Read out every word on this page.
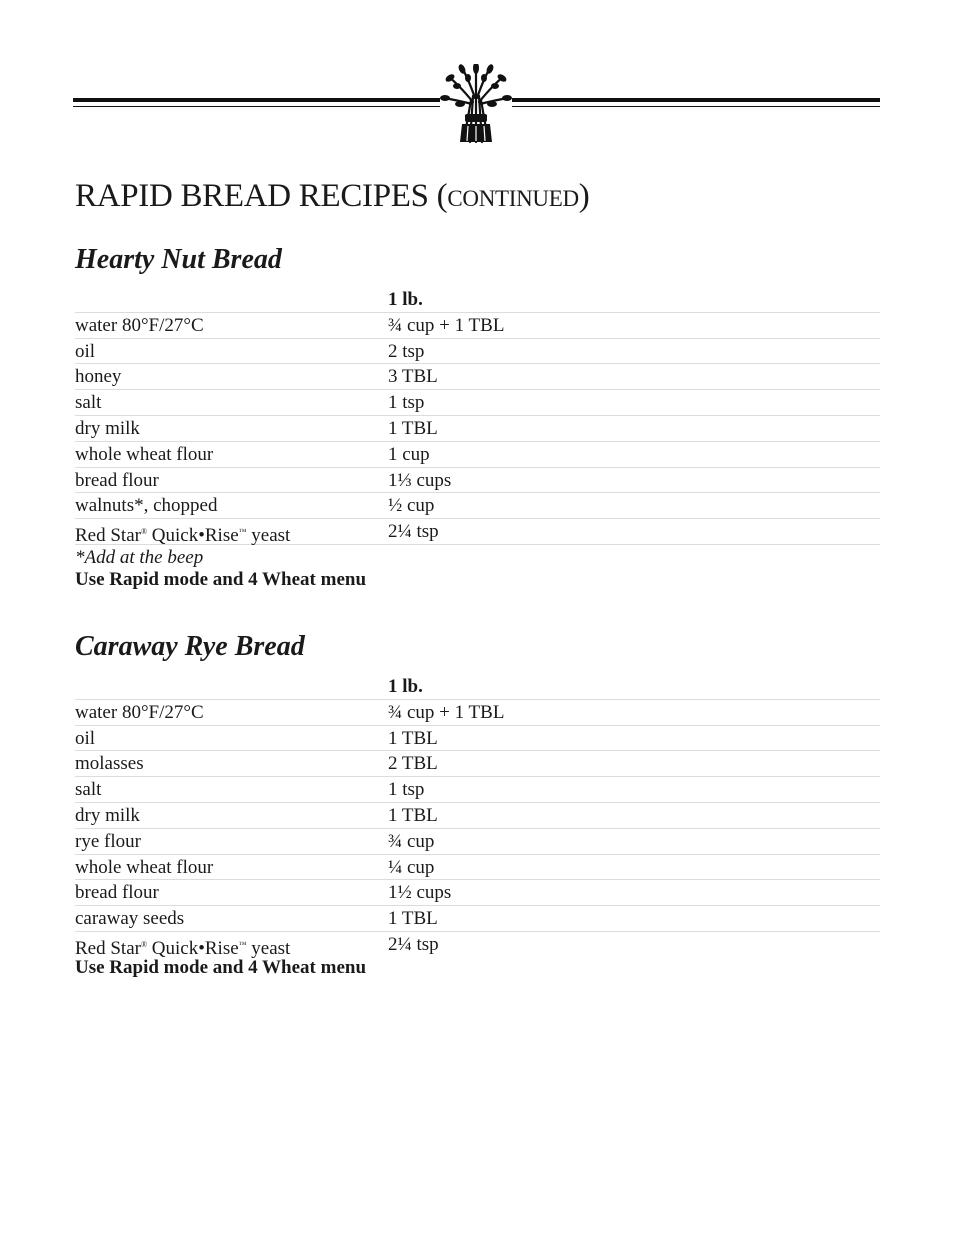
RAPID BREAD RECIPES (CONTINUED)
Hearty Nut Bread
1 lb.
water 80°F/27°C	¾ cup + 1 TBL
oil	2 tsp
honey	3 TBL
salt	1 tsp
dry milk	1 TBL
whole wheat flour	1 cup
bread flour	1⅓ cups
walnuts*, chopped	½ cup
Red Star® Quick•Rise™ yeast	2¼ tsp
*Add at the beep
Use Rapid mode and 4 Wheat menu
Caraway Rye Bread
1 lb.
water 80°F/27°C	¾ cup + 1 TBL
oil	1 TBL
molasses	2 TBL
salt	1 tsp
dry milk	1 TBL
rye flour	¾ cup
whole wheat flour	¼ cup
bread flour	1½ cups
caraway seeds	1 TBL
Red Star® Quick•Rise™ yeast	2¼ tsp
Use Rapid mode and 4 Wheat menu
